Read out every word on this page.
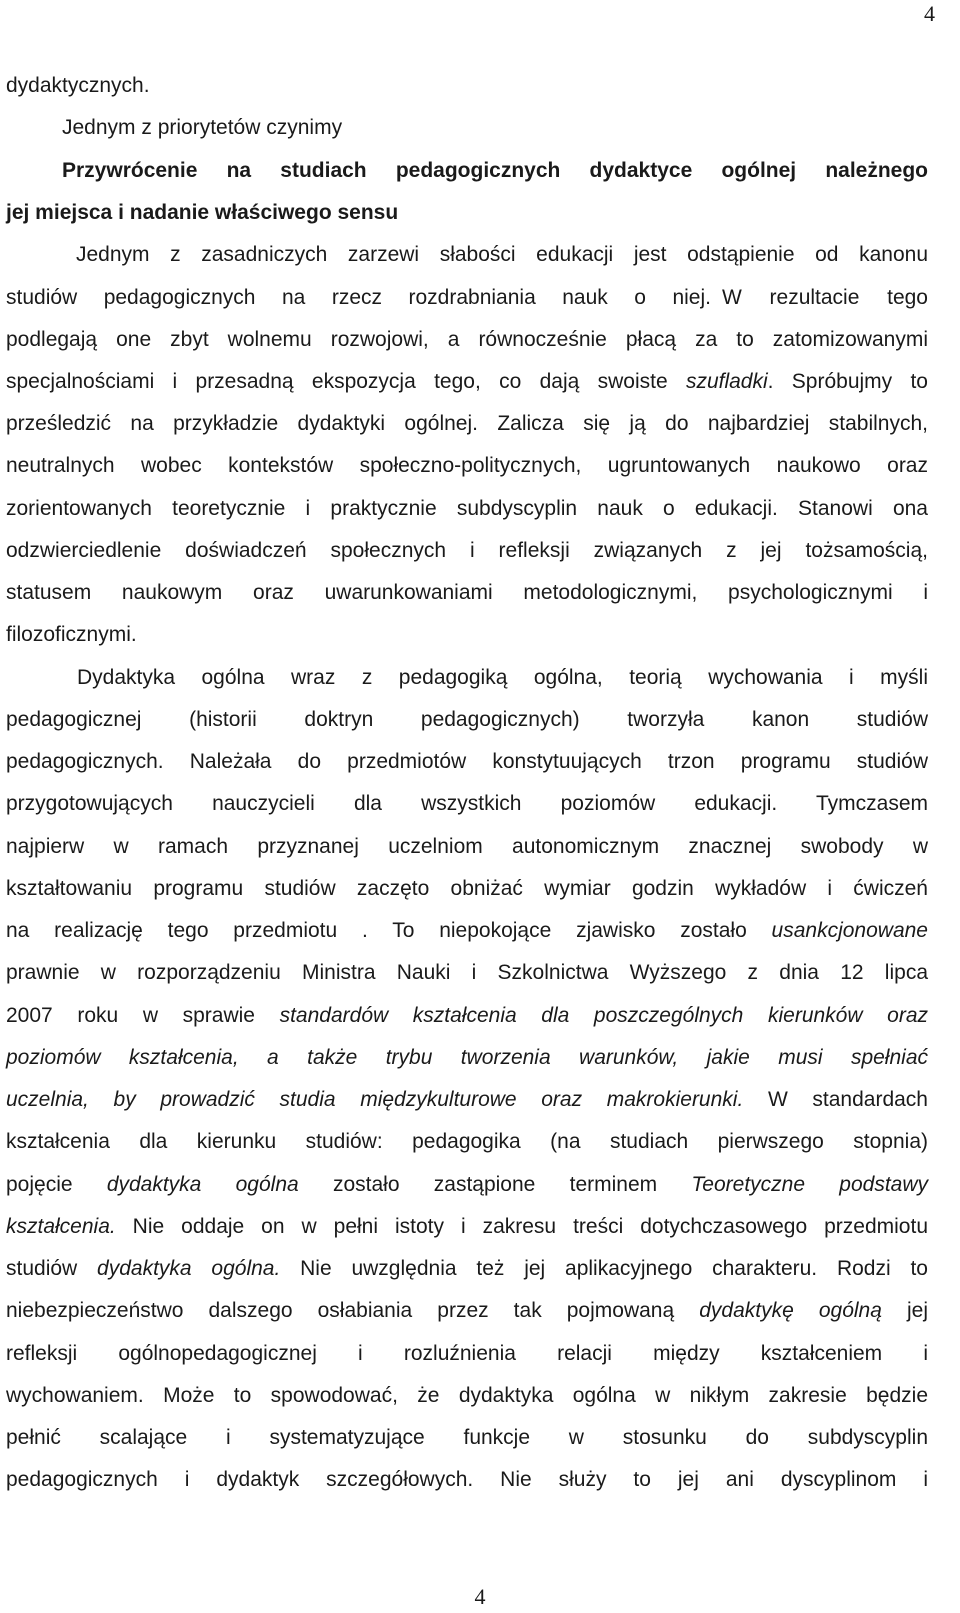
4
dydaktycznych.
Jednym z priorytetów czynimy
Przywrócenie na studiach pedagogicznych dydaktyce ogólnej należnego
jej miejsca i nadanie właściwego sensu
Jednym z zasadniczych zarzewi słabości edukacji jest odstąpienie od kanonu
studiów pedagogicznych na rzecz rozdrabniania nauk o niej. W rezultacie tego
podlegają one zbyt wolnemu rozwojowi, a równocześnie płacą za to zatomizowanymi
specjalnościami i przesadną ekspozycja tego, co dają swoiste szufladki. Spróbujmy to
prześledzić na przykładzie dydaktyki ogólnej. Zalicza się ją do najbardziej stabilnych,
neutralnych wobec kontekstów społeczno-politycznych, ugruntowanych naukowo oraz
zorientowanych teoretycznie i praktycznie subdyscyplin nauk o edukacji. Stanowi ona
odzwierciedlenie doświadczeń społecznych i refleksji związanych z jej tożsamością,
statusem naukowym oraz uwarunkowaniami metodologicznymi, psychologicznymi i
filozoficznymi.
Dydaktyka ogólna wraz z pedagogiką ogólna, teorią wychowania i myśli
pedagogicznej (historii doktryn pedagogicznych) tworzyła kanon studiów
pedagogicznych. Należała do przedmiotów konstytuujących trzon programu studiów
przygotowujących nauczycieli dla wszystkich poziomów edukacji. Tymczasem
najpierw w ramach przyznanej uczelniom autonomicznym znacznej swobody w
kształtowaniu programu studiów zaczęto obniżać wymiar godzin wykładów i ćwiczeń
na realizację tego przedmiotu . To niepokojące zjawisko zostało usankcjonowane
prawnie w rozporządzeniu Ministra Nauki i Szkolnictwa Wyższego z dnia 12 lipca
2007 roku w sprawie standardów kształcenia dla poszczególnych kierunków oraz
poziomów kształcenia, a także trybu tworzenia warunków, jakie musi spełniać
uczelnia, by prowadzić studia międzykulturowe oraz makrokierunki. W standardach
kształcenia dla kierunku studiów: pedagogika (na studiach pierwszego stopnia)
pojęcie dydaktyka ogólna zostało zastąpione terminem Teoretyczne podstawy
kształcenia. Nie oddaje on w pełni istoty i zakresu treści dotychczasowego przedmiotu
studiów dydaktyka ogólna. Nie uwzględnia też jej aplikacyjnego charakteru. Rodzi to
niebezpieczeństwo dalszego osłabiania przez tak pojmowaną dydaktykę ogólną jej
refleksji ogólnopedagogicznej i rozluźnienia relacji między kształceniem i
wychowaniem. Może to spowodować, że dydaktyka ogólna w nikłym zakresie będzie
pełnić scalające i systematyzujące funkcje w stosunku do subdyscyplin
pedagogicznych i dydaktyk szczegółowych. Nie służy to jej ani dyscyplinom i
4
